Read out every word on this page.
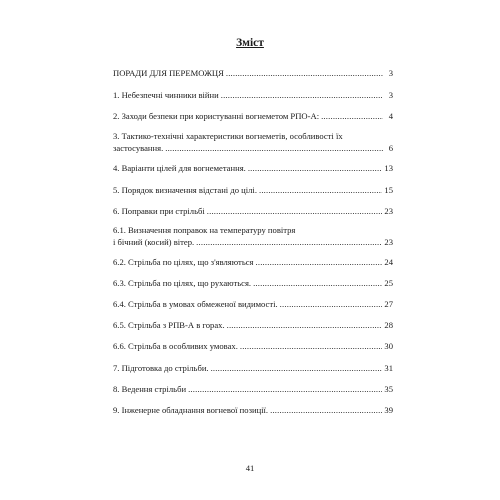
Зміст
ПОРАДИ ДЛЯ ПЕРЕМОЖЦЯ .....	3
1. Небезпечні чинники війни .....	3
2. Заходи безпеки при користуванні вогнеметом РПО-А: .....	4
3. Тактико-технічні характеристики вогнеметів, особливості їх
застосування. .....	6
4. Варіанти цілей для вогнеметання. .....	13
5. Порядок визначення відстані до цілі. .....	15
6. Поправки при стрільбі .....	23
6.1. Визначення поправок на температуру повітря
і бічний (косий) вітер. .....	23
6.2. Стрільба по цілях, що з'являються .....	24
6.3. Стрільба по цілях, що рухаються. .....	25
6.4. Стрільба в умовах обмеженої видимості. .....	27
6.5. Стрільба з РПВ-А в горах. .....	28
6.6. Стрільба в особливих умовах. .....	30
7. Підготовка до стрільби. .....	31
8. Ведення стрільби .....	35
9. Інженерне обладнання вогневої позиції. .....	39
41
